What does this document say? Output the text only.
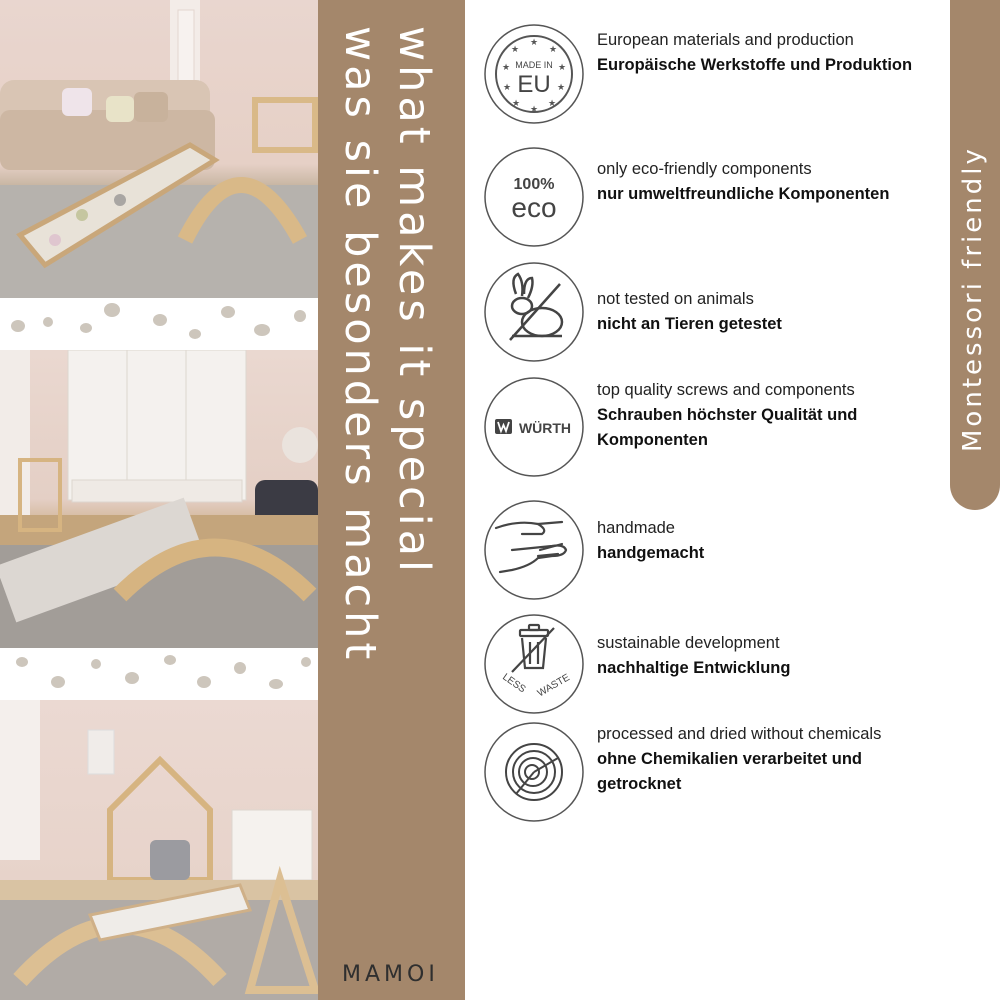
what makes it special
was sie besonders macht
MAMOI
★
★	★
★	★
★	★
★	★
★
MADE IN
EU
European materials and production
Europäische Werkstoffe und Produktion
100%
eco
only eco-friendly components
nur umweltfreundliche Komponenten
not tested on animals
nicht an Tieren getestet
WÜRTH
top quality screws and components
Schrauben höchster Qualität und Komponenten
handmade
handgemacht
LESS WASTE
sustainable development
nachhaltige Entwicklung
processed and dried without chemicals
ohne Chemikalien verarbeitet und getrocknet
Montessori friendly
